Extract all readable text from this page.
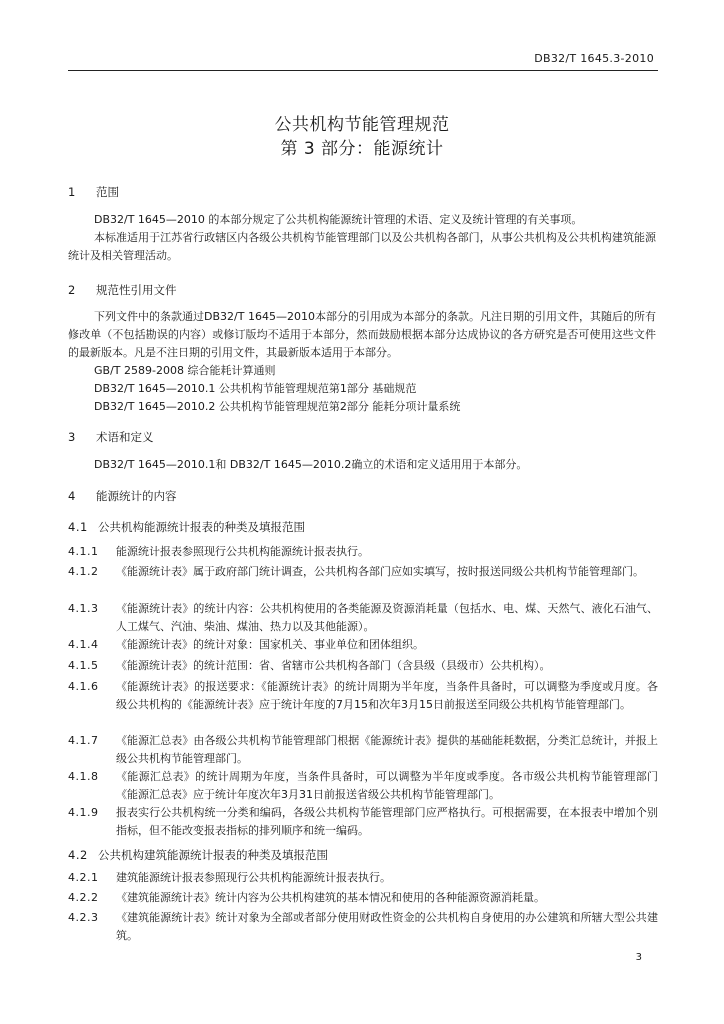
DB32/T 1645.3-2010
公共机构节能管理规范
第 3 部分：能源统计
1 范围
DB32/T 1645—2010 的本部分规定了公共机构能源统计管理的术语、定义及统计管理的有关事项。
本标准适用于江苏省行政辖区内各级公共机构节能管理部门以及公共机构各部门，从事公共机构及公共机构建筑能源统计及相关管理活动。
2 规范性引用文件
下列文件中的条款通过DB32/T 1645—2010本部分的引用成为本部分的条款。凡注日期的引用文件，其随后的所有修改单（不包括勘误的内容）或修订版均不适用于本部分，然而鼓励根据本部分达成协议的各方研究是否可使用这些文件的最新版本。凡是不注日期的引用文件，其最新版本适用于本部分。
GB/T 2589-2008 综合能耗计算通则
DB32/T 1645—2010.1 公共机构节能管理规范第1部分 基础规范
DB32/T 1645—2010.2 公共机构节能管理规范第2部分 能耗分项计量系统
3 术语和定义
DB32/T 1645—2010.1和 DB32/T 1645—2010.2确立的术语和定义适用用于本部分。
4 能源统计的内容
4.1 公共机构能源统计报表的种类及填报范围
4.1.1	能源统计报表参照现行公共机构能源统计报表执行。
4.1.2	《能源统计表》属于政府部门统计调查，公共机构各部门应如实填写，按时报送同级公共机构节能管理部门。
4.1.3	《能源统计表》的统计内容：公共机构使用的各类能源及资源消耗量（包括水、电、煤、天然气、液化石油气、人工煤气、汽油、柴油、煤油、热力以及其他能源）。
4.1.4	《能源统计表》的统计对象：国家机关、事业单位和团体组织。
4.1.5	《能源统计表》的统计范围：省、省辖市公共机构各部门（含县级（县级市）公共机构）。
4.1.6	《能源统计表》的报送要求：《能源统计表》的统计周期为半年度，当条件具备时，可以调整为季度或月度。各级公共机构的《能源统计表》应于统计年度的7月15和次年3月15日前报送至同级公共机构节能管理部门。
4.1.7	《能源汇总表》由各级公共机构节能管理部门根据《能源统计表》提供的基础能耗数据，分类汇总统计，并报上级公共机构节能管理部门。
4.1.8	《能源汇总表》的统计周期为年度，当条件具备时，可以调整为半年度或季度。各市级公共机构节能管理部门《能源汇总表》应于统计年度次年3月31日前报送省级公共机构节能管理部门。
4.1.9	报表实行公共机构统一分类和编码，各级公共机构节能管理部门应严格执行。可根据需要，在本报表中增加个别指标，但不能改变报表指标的排列顺序和统一编码。
4.2 公共机构建筑能源统计报表的种类及填报范围
4.2.1	建筑能源统计报表参照现行公共机构能源统计报表执行。
4.2.2	《建筑能源统计表》统计内容为公共机构建筑的基本情况和使用的各种能源资源消耗量。
4.2.3	《建筑能源统计表》统计对象为全部或者部分使用财政性资金的公共机构自身使用的办公建筑和所辖大型公共建筑。
3
